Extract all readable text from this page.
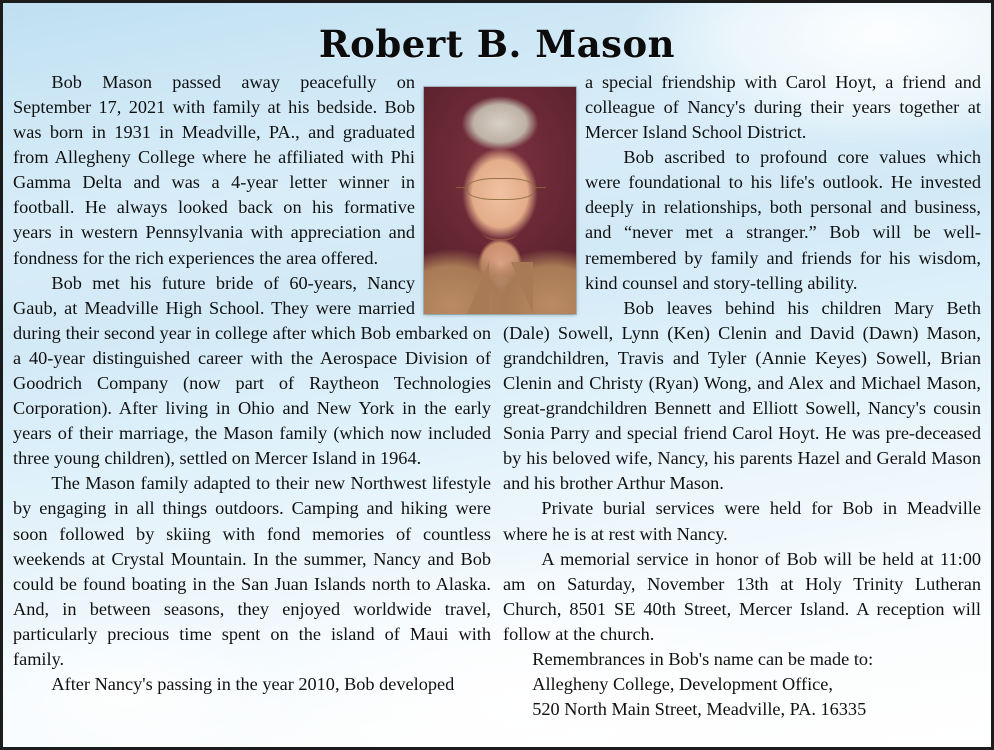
Robert B. Mason

Bob Mason passed away peacefully on September 17, 2021 with family at his bedside. Bob was born in 1931 in Meadville, PA., and graduated from Allegheny College where he affiliated with Phi Gamma Delta and was a 4-year letter winner in football. He always looked back on his formative years in western Pennsylvania with appreciation and fondness for the rich experiences the area offered.

Bob met his future bride of 60-years, Nancy Gaub, at Meadville High School. They were married during their second year in college after which Bob embarked on a 40-year distinguished career with the Aerospace Division of Goodrich Company (now part of Raytheon Technologies Corporation). After living in Ohio and New York in the early years of their marriage, the Mason family (which now included three young children), settled on Mercer Island in 1964.

The Mason family adapted to their new Northwest lifestyle by engaging in all things outdoors. Camping and hiking were soon followed by skiing with fond memories of countless weekends at Crystal Mountain. In the summer, Nancy and Bob could be found boating in the San Juan Islands north to Alaska. And, in between seasons, they enjoyed worldwide travel, particularly precious time spent on the island of Maui with family.

After Nancy's passing in the year 2010, Bob developed

a special friendship with Carol Hoyt, a friend and colleague of Nancy's during their years together at Mercer Island School District.

Bob ascribed to profound core values which were foundational to his life's outlook. He invested deeply in relationships, both personal and business, and “never met a stranger.” Bob will be well-remembered by family and friends for his wisdom, kind counsel and story-telling ability.

Bob leaves behind his children Mary Beth (Dale) Sowell, Lynn (Ken) Clenin and David (Dawn) Mason, grandchildren, Travis and Tyler (Annie Keyes) Sowell, Brian Clenin and Christy (Ryan) Wong, and Alex and Michael Mason, great-grandchildren Bennett and Elliott Sowell, Nancy's cousin Sonia Parry and special friend Carol Hoyt. He was pre-deceased by his beloved wife, Nancy, his parents Hazel and Gerald Mason and his brother Arthur Mason.

Private burial services were held for Bob in Meadville where he is at rest with Nancy.

A memorial service in honor of Bob will be held at 11:00 am on Saturday, November 13th at Holy Trinity Lutheran Church, 8501 SE 40th Street, Mercer Island. A reception will follow at the church.

Remembrances in Bob's name can be made to:

Allegheny College, Development Office,

520 North Main Street, Meadville, PA. 16335
